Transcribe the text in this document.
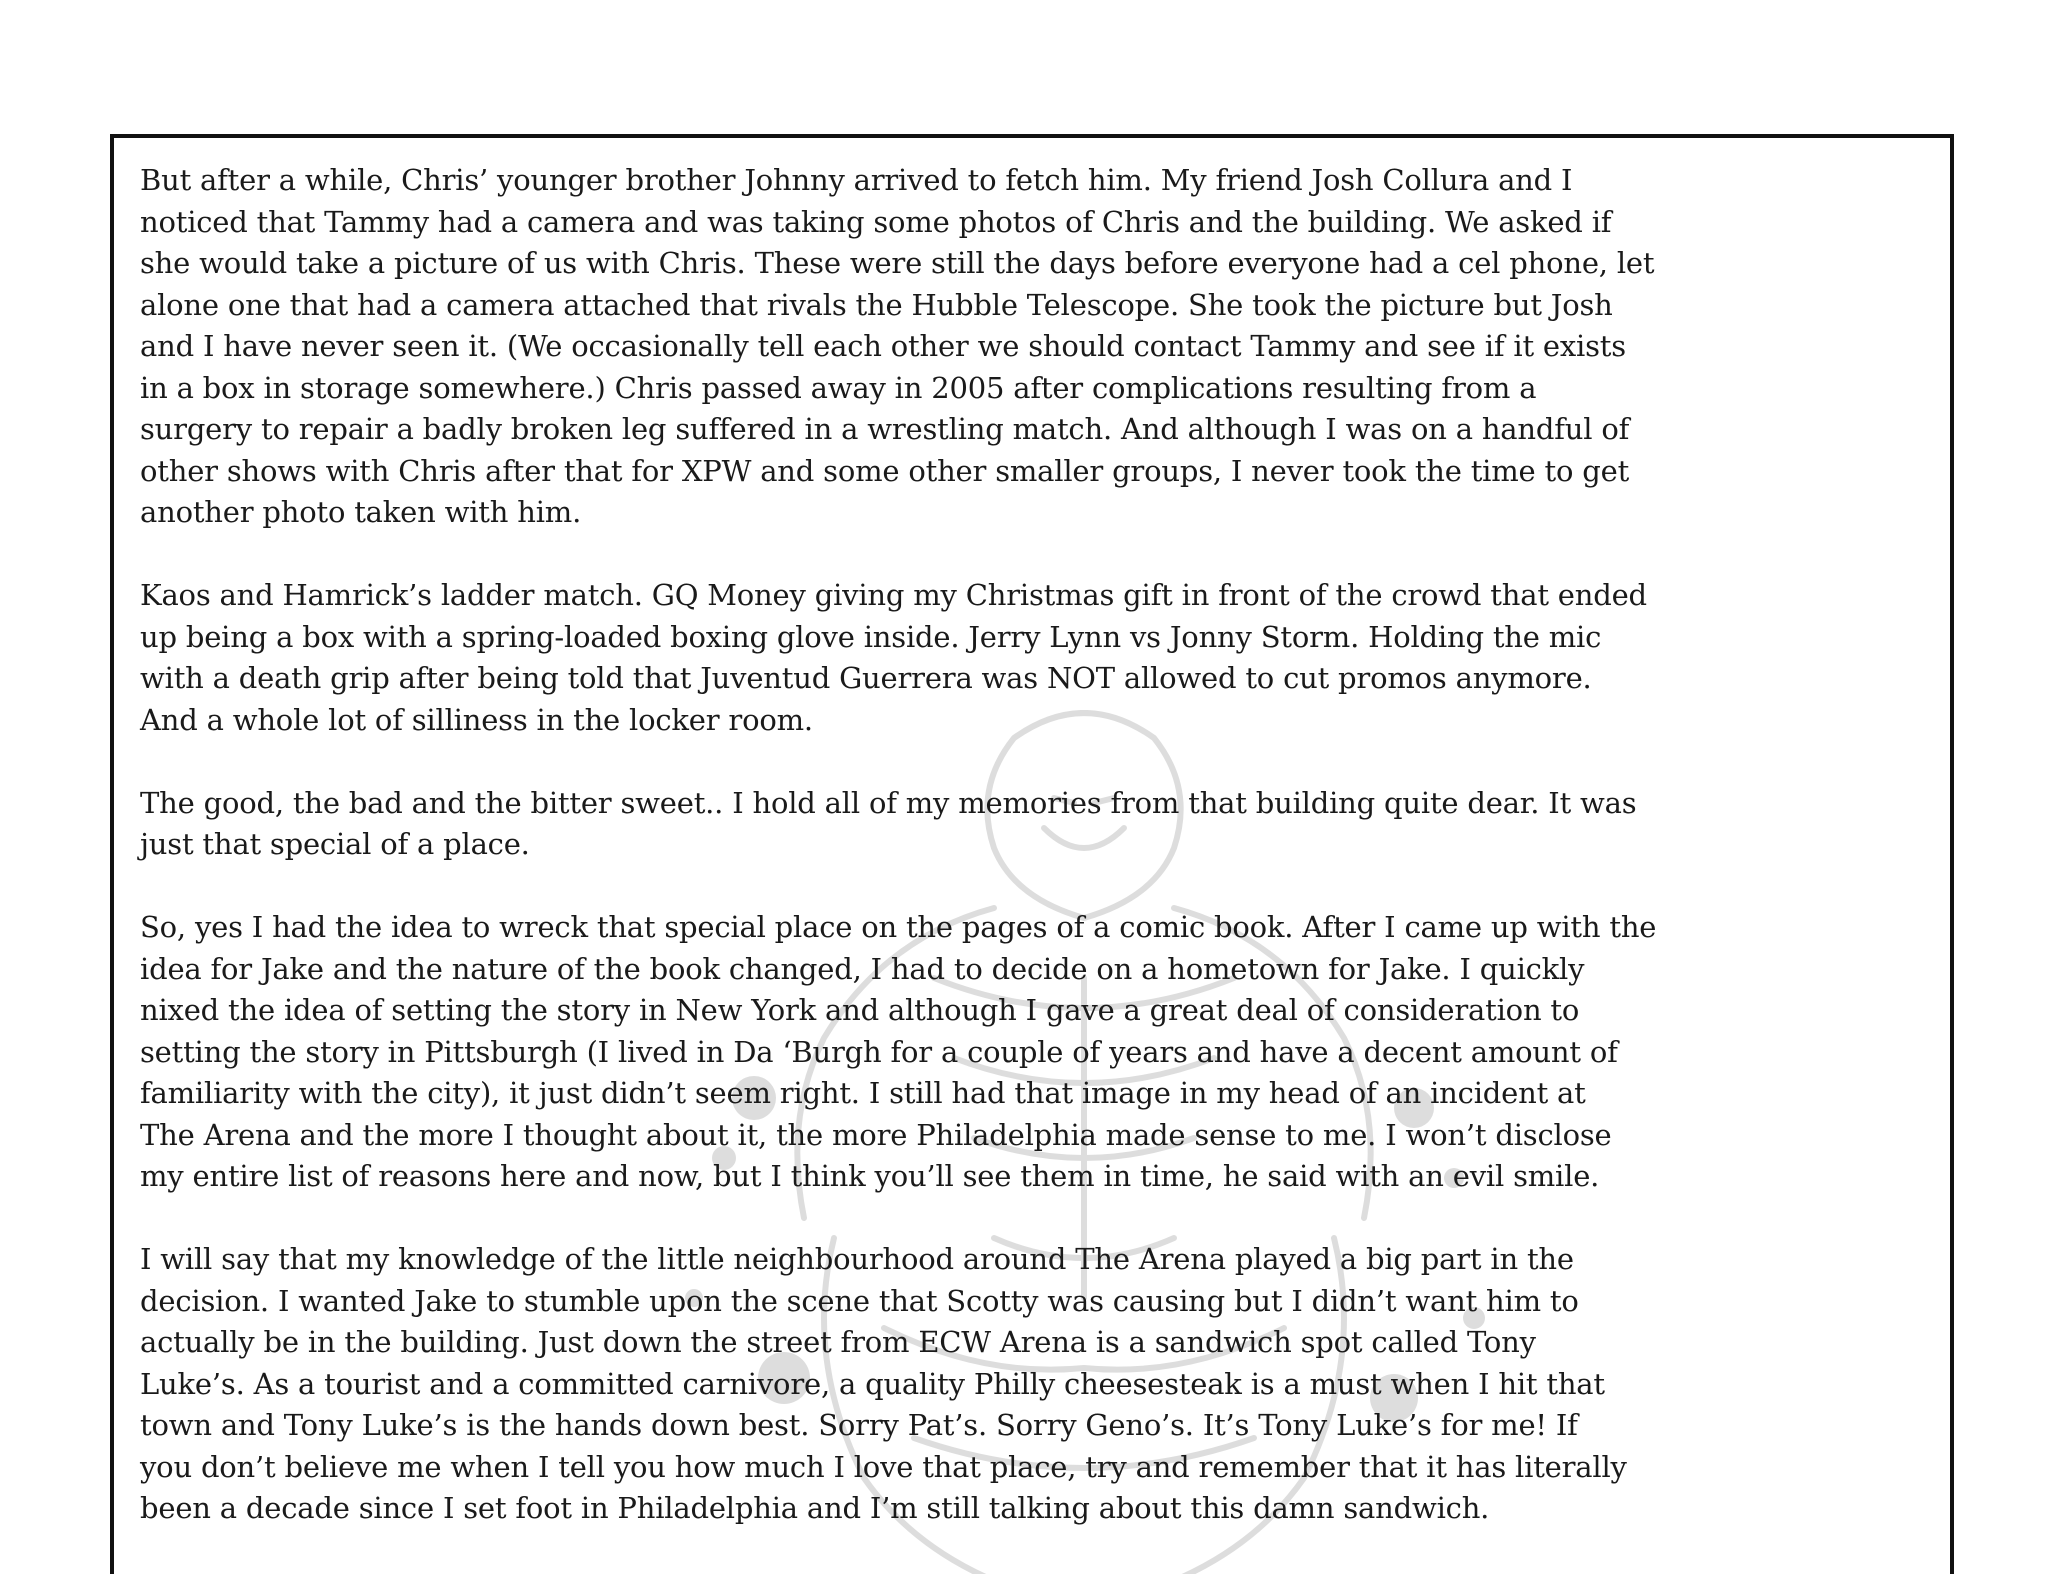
But after a while, Chris’ younger brother Johnny arrived to fetch him. My friend Josh Collura and I
noticed that Tammy had a camera and was taking some photos of Chris and the building. We asked if
she would take a picture of us with Chris. These were still the days before everyone had a cel phone, let
alone one that had a camera attached that rivals the Hubble Telescope. She took the picture but Josh
and I have never seen it. (We occasionally tell each other we should contact Tammy and see if it exists
in a box in storage somewhere.) Chris passed away in 2005 after complications resulting from a
surgery to repair a badly broken leg suffered in a wrestling match. And although I was on a handful of
other shows with Chris after that for XPW and some other smaller groups, I never took the time to get
another photo taken with him.

Kaos and Hamrick’s ladder match. GQ Money giving my Christmas gift in front of the crowd that ended
up being a box with a spring-loaded boxing glove inside. Jerry Lynn vs Jonny Storm. Holding the mic
with a death grip after being told that Juventud Guerrera was NOT allowed to cut promos anymore.
And a whole lot of silliness in the locker room.

The good, the bad and the bitter sweet.. I hold all of my memories from that building quite dear. It was
just that special of a place.

So, yes I had the idea to wreck that special place on the pages of a comic book. After I came up with the
idea for Jake and the nature of the book changed, I had to decide on a hometown for Jake. I quickly
nixed the idea of setting the story in New York and although I gave a great deal of consideration to
setting the story in Pittsburgh (I lived in Da ‘Burgh for a couple of years and have a decent amount of
familiarity with the city), it just didn’t seem right. I still had that image in my head of an incident at
The Arena and the more I thought about it, the more Philadelphia made sense to me. I won’t disclose
my entire list of reasons here and now, but I think you’ll see them in time, he said with an evil smile.

I will say that my knowledge of the little neighbourhood around The Arena played a big part in the
decision. I wanted Jake to stumble upon the scene that Scotty was causing but I didn’t want him to
actually be in the building. Just down the street from ECW Arena is a sandwich spot called Tony
Luke’s. As a tourist and a committed carnivore, a quality Philly cheesesteak is a must when I hit that
town and Tony Luke’s is the hands down best. Sorry Pat’s. Sorry Geno’s. It’s Tony Luke’s for me! If
you don’t believe me when I tell you how much I love that place, try and remember that it has literally
been a decade since I set foot in Philadelphia and I’m still talking about this damn sandwich.
